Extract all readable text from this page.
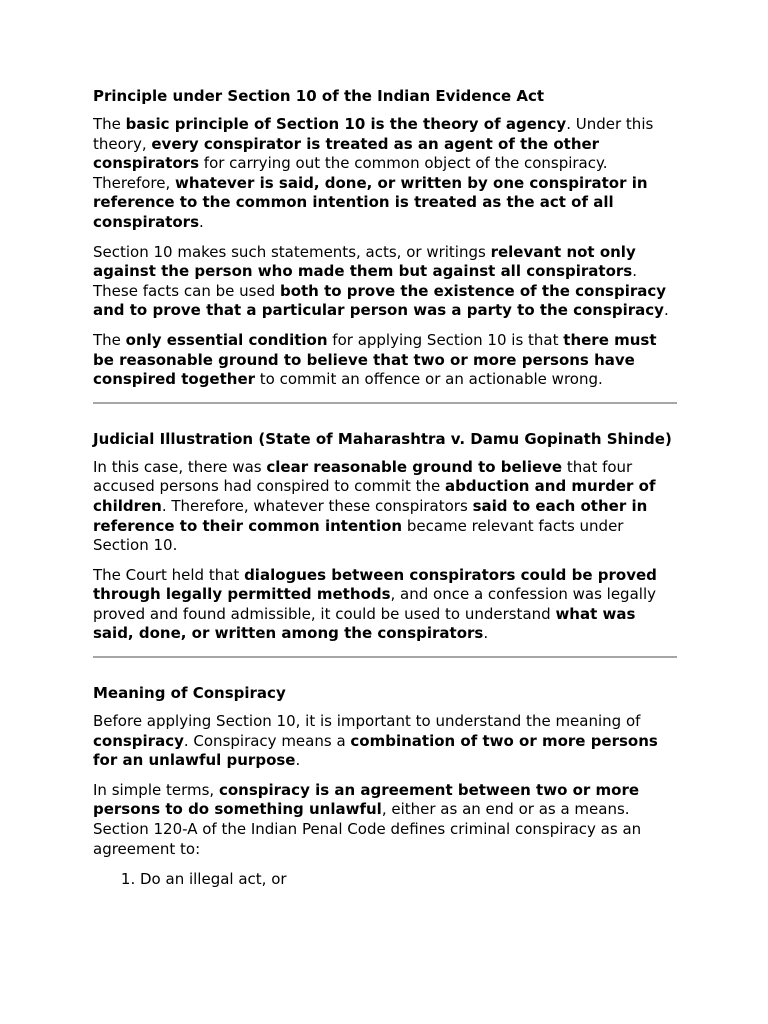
Principle under Section 10 of the Indian Evidence Act

The basic principle of Section 10 is the theory of agency. Under this theory, every conspirator is treated as an agent of the other conspirators for carrying out the common object of the conspiracy. Therefore, whatever is said, done, or written by one conspirator in reference to the common intention is treated as the act of all conspirators.

Section 10 makes such statements, acts, or writings relevant not only against the person who made them but against all conspirators. These facts can be used both to prove the existence of the conspiracy and to prove that a particular person was a party to the conspiracy.

The only essential condition for applying Section 10 is that there must be reasonable ground to believe that two or more persons have conspired together to commit an offence or an actionable wrong.

Judicial Illustration (State of Maharashtra v. Damu Gopinath Shinde)

In this case, there was clear reasonable ground to believe that four accused persons had conspired to commit the abduction and murder of children. Therefore, whatever these conspirators said to each other in reference to their common intention became relevant facts under Section 10.

The Court held that dialogues between conspirators could be proved through legally permitted methods, and once a confession was legally proved and found admissible, it could be used to understand what was said, done, or written among the conspirators.

Meaning of Conspiracy

Before applying Section 10, it is important to understand the meaning of conspiracy. Conspiracy means a combination of two or more persons for an unlawful purpose.

In simple terms, conspiracy is an agreement between two or more persons to do something unlawful, either as an end or as a means. Section 120-A of the Indian Penal Code defines criminal conspiracy as an agreement to:

1. Do an illegal act, or
